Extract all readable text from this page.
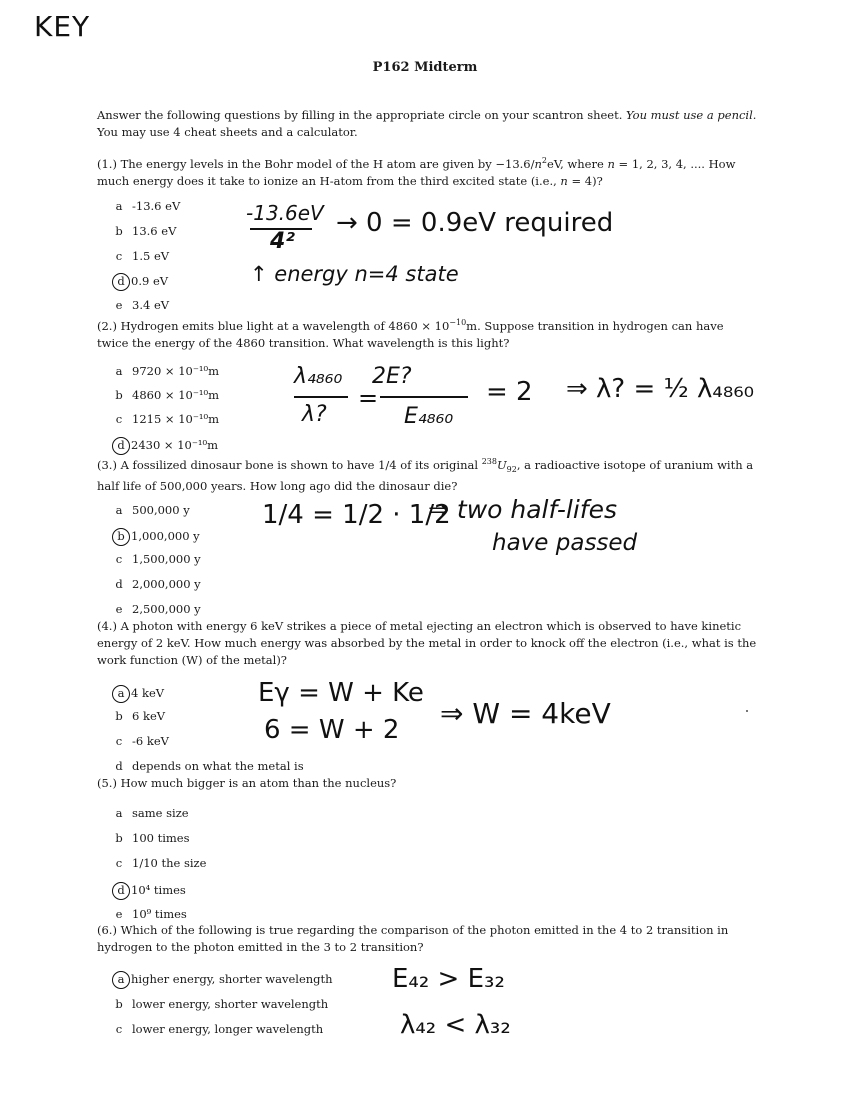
KEY
P162 Midterm
Answer the following questions by filling in the appropriate circle on your scantron sheet. You must use a pencil. You may use 4 cheat sheets and a calculator.
(1.) The energy levels in the Bohr model of the H atom are given by $-13.6/n^2eV$, where n = 1, 2, 3, 4, .... How much energy does it take to ionize an H-atom from the third excited state (i.e., n = 4)?
(2.) Hydrogen emits blue light at a wavelength of $4860 \times 10^{-10}m$. Suppose transition in hydrogen can have twice the energy of the 4860 transition. What wavelength is this light?
(3.) A fossilized dinosaur bone is shown to have 1/4 of its original $^{238}U_{92}$, a radioactive isotope of uranium with a half life of 500,000 years. How long ago did the dinosaur die?
(4.) A photon with energy 6 keV strikes a piece of metal ejecting an electron which is observed to have kinetic energy of 2 keV. How much energy was absorbed by the metal in order to knock off the electron (i.e., what is the work function (W) of the metal)?
(5.) How much bigger is an atom than the nucleus?
(6.) Which of the following is true regarding the comparison of the photon emitted in the 4 to 2 transition in hydrogen to the photon emitted in the 3 to 2 transition?
-13.6eV
4²
→ 0 = 0.9eV required
↑ energy n=4 state
λ₄₈₆₀
λ?
=
2E?
E₄₈₆₀
= 2 ⇒ λ? = ½ λ₄₈₆₀
1/4 = 1/2 · 1/2
⇒ two half-lifes
have passed
Eγ = W + Ke
6 = W + 2 ⇒ W = 4keV
E₄₂ > E₃₂
λ₄₂ < λ₃₂
a -13.6 eV
b 13.6 eV
c 1.5 eV
d 0.9 eV
e 3.4 eV
a 9720 × 10⁻¹⁰m
b 4860 × 10⁻¹⁰m
c 1215 × 10⁻¹⁰m
d 2430 × 10⁻¹⁰m
a 500,000 y
b 1,000,000 y
c 1,500,000 y
d 2,000,000 y
e 2,500,000 y
a 4 keV
b 6 keV
c -6 keV
d depends on what the metal is
a same size
b 100 times
c 1/10 the size
d 10⁴ times
e 10⁹ times
a higher energy, shorter wavelength
b lower energy, shorter wavelength
c lower energy, longer wavelength
